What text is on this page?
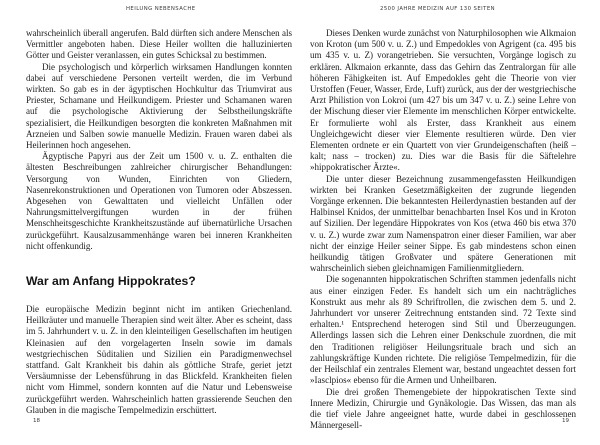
HEILUNG NEBENSACHE

wahrscheinlich überall angerufen. Bald dürften sich andere Menschen als Vermittler angeboten haben. Diese Heiler wollten die halluzinierten Götter und Geister veranlassen, ein gutes Schicksal zu bestimmen.

Die psychologisch und körperlich wirksamen Handlungen konnten dabei auf verschiedene Personen verteilt werden, die im Verbund wirkten. So gab es in der ägyptischen Hochkultur das Triumvirat aus Priester, Schamane und Heilkundigem. Priester und Schamanen waren auf die psychologische Aktivierung der Selbstheilungskräfte spezialisiert, die Heilkundigen besorgten die konkreten Maßnahmen mit Arzneien und Salben sowie manuelle Medizin. Frauen waren dabei als Heilerinnen hoch angesehen.

Ägyptische Papyri aus der Zeit um 1500 v. u. Z. enthalten die ältesten Beschreibungen zahlreicher chirurgischer Behandlungen: Versorgung von Wunden, Einrichten von Gliedern, Nasenrekonstruktionen und Operationen von Tumoren oder Abszessen. Abgesehen von Gewalttaten und vielleicht Unfällen oder Nahrungsmittelvergiftungen wurden in der frühen Menschheitsgeschichte Krankheitszustände auf übernatürliche Ursachen zurückgeführt. Kausalzusammenhänge waren bei inneren Krankheiten nicht offenkundig.

War am Anfang Hippokrates?

Die europäische Medizin beginnt nicht im antiken Griechenland. Heilkräuter und manuelle Therapien sind weit älter. Aber es scheint, dass im 5. Jahrhundert v. u. Z. in den kleinteiligen Gesellschaften im heutigen Kleinasien auf den vorgelagerten Inseln sowie im damals westgriechischen Süditalien und Sizilien ein Paradigmenwechsel stattfand. Galt Krankheit bis dahin als göttliche Strafe, geriet jetzt Versäumnisse der Lebensführung in das Blickfeld. Krankheiten fielen nicht vom Himmel, sondern konnten auf die Natur und Lebensweise zurückgeführt werden. Wahrscheinlich hatten grassierende Seuchen den Glauben in die magische Tempelmedizin erschüttert.

18
2500 JAHRE MEDIZIN AUF 130 SEITEN

Dieses Denken wurde zunächst von Naturphilosophen wie Alkmaion von Kroton (um 500 v. u. Z.) und Empedokles von Agrigent (ca. 495 bis um 435 v. u. Z) vorangetrieben. Sie versuchten, Vorgänge logisch zu erklären. Alkmaion erkannte, dass das Gehirn das Zentralorgan für alle höheren Fähigkeiten ist. Auf Empedokles geht die Theorie von vier Urstoffen (Feuer, Wasser, Erde, Luft) zurück, aus der der westgriechische Arzt Philistion von Lokroi (um 427 bis um 347 v. u. Z.) seine Lehre von der Mischung dieser vier Elemente im menschlichen Körper entwickelte. Er formulierte wohl als Erster, dass Krankheit aus einem Ungleichgewicht dieser vier Elemente resultieren würde. Den vier Elementen ordnete er ein Quartett von vier Grundeigenschaften (heiß – kalt; nass – trocken) zu. Dies war die Basis für die Säftelehre »hippokratischer Ärzte«.

Die unter dieser Bezeichnung zusammengefassten Heilkundigen wirkten bei Kranken Gesetzmäßigkeiten der zugrunde liegenden Vorgänge erkennen. Die bekanntesten Heilerdynastien bestanden auf der Halbinsel Knidos, der unmittelbar benachbarten Insel Kos und in Kroton auf Sizilien. Der legendäre Hippokrates von Kos (etwa 460 bis etwa 370 v. u. Z.) wurde zwar zum Namenspatron einer dieser Familien, war aber nicht der einzige Heiler seiner Sippe. Es gab mindestens schon einen heilkundig tätigen Großvater und spätere Generationen mit wahrscheinlich sieben gleichnamigen Familienmitgliedern.

Die sogenannten hippokratischen Schriften stammen jedenfalls nicht aus einer einzigen Feder. Es handelt sich um ein nachträgliches Konstrukt aus mehr als 89 Schriftrollen, die zwischen dem 5. und 2. Jahrhundert vor unserer Zeitrechnung entstanden sind. 72 Texte sind erhalten.¹ Entsprechend heterogen sind Stil und Überzeugungen. Allerdings lassen sich die Lehren einer Denkschule zuordnen, die mit den Traditionen religiöser Heilungsrituale brach und sich an zahlungskräftige Kunden richtete. Die religiöse Tempelmedizin, für die der Heilschlaf ein zentrales Element war, bestand ungeachtet dessen fort »Iasclpios« ebenso für die Armen und Unheilbaren.

Die drei großen Themengebiete der hippokratischen Texte sind Innere Medizin, Chirurgie und Gynäkologie. Das Wissen, das man als die tief viele Jahre angeeignet hatte, wurde dabei in geschlossenen Männergesell-	19
